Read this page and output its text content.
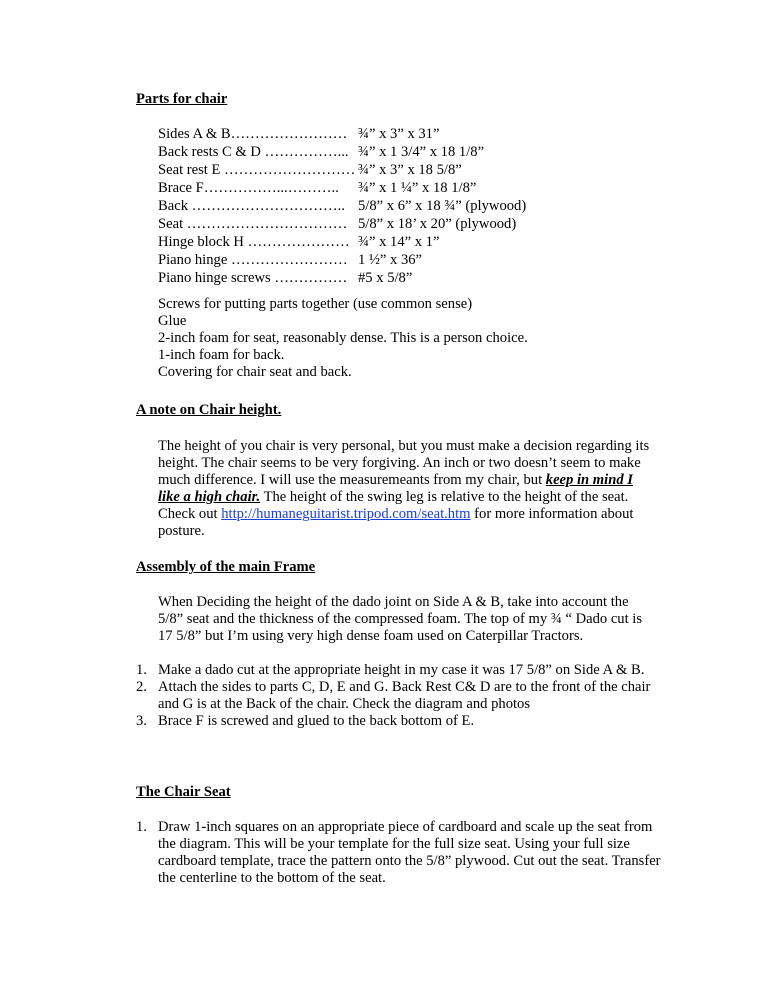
Parts for chair
Sides A & B…………………… ¾” x 3” x 31”
Back rests C & D ……………... ¾” x 1 3/4” x 18 1/8”
Seat rest E ……………………… ¾” x 3” x 18 5/8”
Brace F……………...……….. ¾” x 1 ¼” x 18 1/8”
Back ………………………….. 5/8” x 6” x 18 ¾” (plywood)
Seat …………………………… 5/8” x 18’ x 20” (plywood)
Hinge block H ………………… ¾” x 14” x 1”
Piano hinge …………………… 1 ½” x 36”
Piano hinge screws …………… #5 x 5/8”

Screws for putting parts together (use common sense)

Glue

2-inch foam for seat, reasonably dense. This is a person choice.

1-inch foam for back.

Covering for chair seat and back.

A note on Chair height.

The height of you chair is very personal, but you must make a decision regarding its height. The chair seems to be very forgiving. An inch or two doesn’t seem to make much difference. I will use the measuremeants from my chair, but keep in mind I like a high chair. The height of the swing leg is relative to the height of the seat. Check out http://humaneguitarist.tripod.com/seat.htm for more information about posture.

Assembly of the main Frame

When Deciding the height of the dado joint on Side A & B, take into account the 5/8” seat and the thickness of the compressed foam. The top of my ¾ “ Dado cut is 17 5/8” but I’m using very high dense foam used on Caterpillar Tractors.

1. Make a dado cut at the appropriate height in my case it was 17 5/8” on Side A & B.
2. Attach the sides to parts C, D, E and G. Back Rest C& D are to the front of the chair and G is at the Back of the chair. Check the diagram and photos
3. Brace F is screwed and glued to the back bottom of E.
The Chair Seat
1. Draw 1-inch squares on an appropriate piece of cardboard and scale up the seat from the diagram. This will be your template for the full size seat. Using your full size cardboard template, trace the pattern onto the 5/8” plywood. Cut out the seat. Transfer the centerline to the bottom of the seat.
